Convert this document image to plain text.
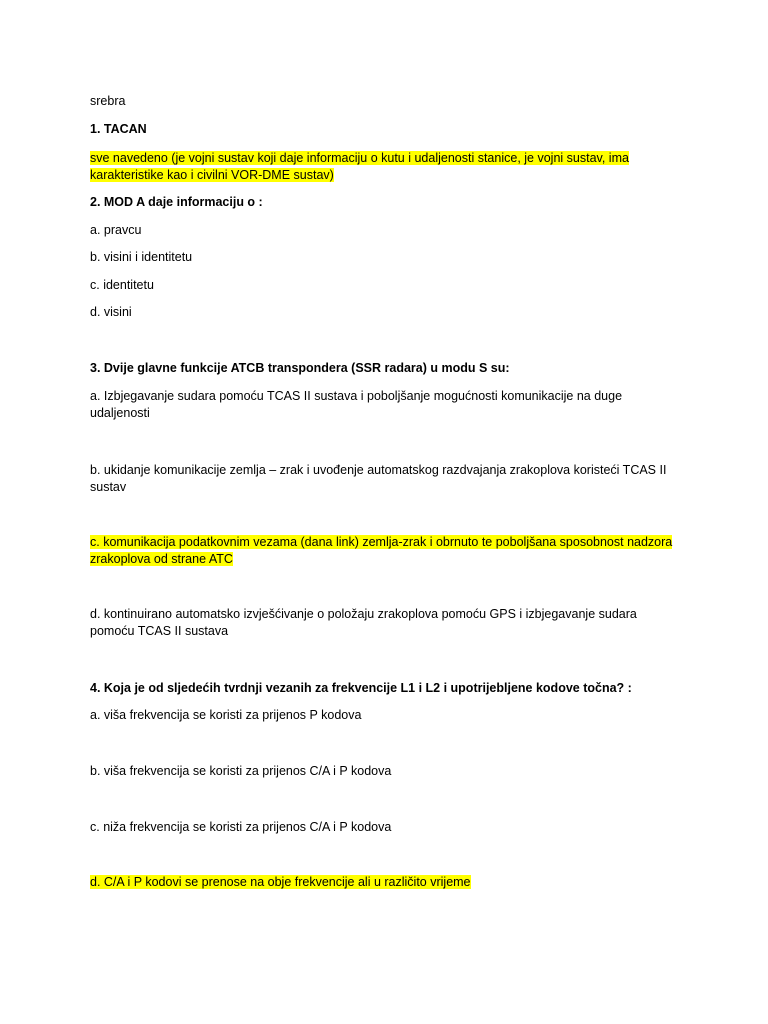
srebra
1. TACAN
sve navedeno (je vojni sustav koji daje informaciju o kutu i udaljenosti stanice, je vojni sustav, ima karakteristike kao i civilni VOR-DME sustav)
2. MOD A daje informaciju o :
a. pravcu
b. visini i identitetu
c. identitetu
d. visini
3. Dvije glavne funkcije ATCB transpondera (SSR radara) u modu S su:
a. Izbjegavanje sudara pomoću TCAS II sustava i poboljšanje mogućnosti komunikacije na duge udaljenosti
b. ukidanje komunikacije zemlja – zrak i uvođenje automatskog razdvajanja zrakoplova koristeći TCAS II sustav
c. komunikacija podatkovnim vezama (dana link) zemlja-zrak i obrnuto te poboljšana sposobnost nadzora zrakoplova od strane ATC
d. kontinuirano automatsko izvješćivanje o položaju zrakoplova pomoću GPS i izbjegavanje sudara pomoću TCAS II sustava
4. Koja je od sljedećih tvrdnji vezanih za frekvencije L1 i L2 i upotrijebljene kodove točna? :
a. viša frekvencija se koristi za prijenos P kodova
b. viša frekvencija se koristi za prijenos C/A i P kodova
c. niža frekvencija se koristi za prijenos C/A i P kodova
d. C/A i P kodovi se prenose na obje frekvencije ali u različito vrijeme
